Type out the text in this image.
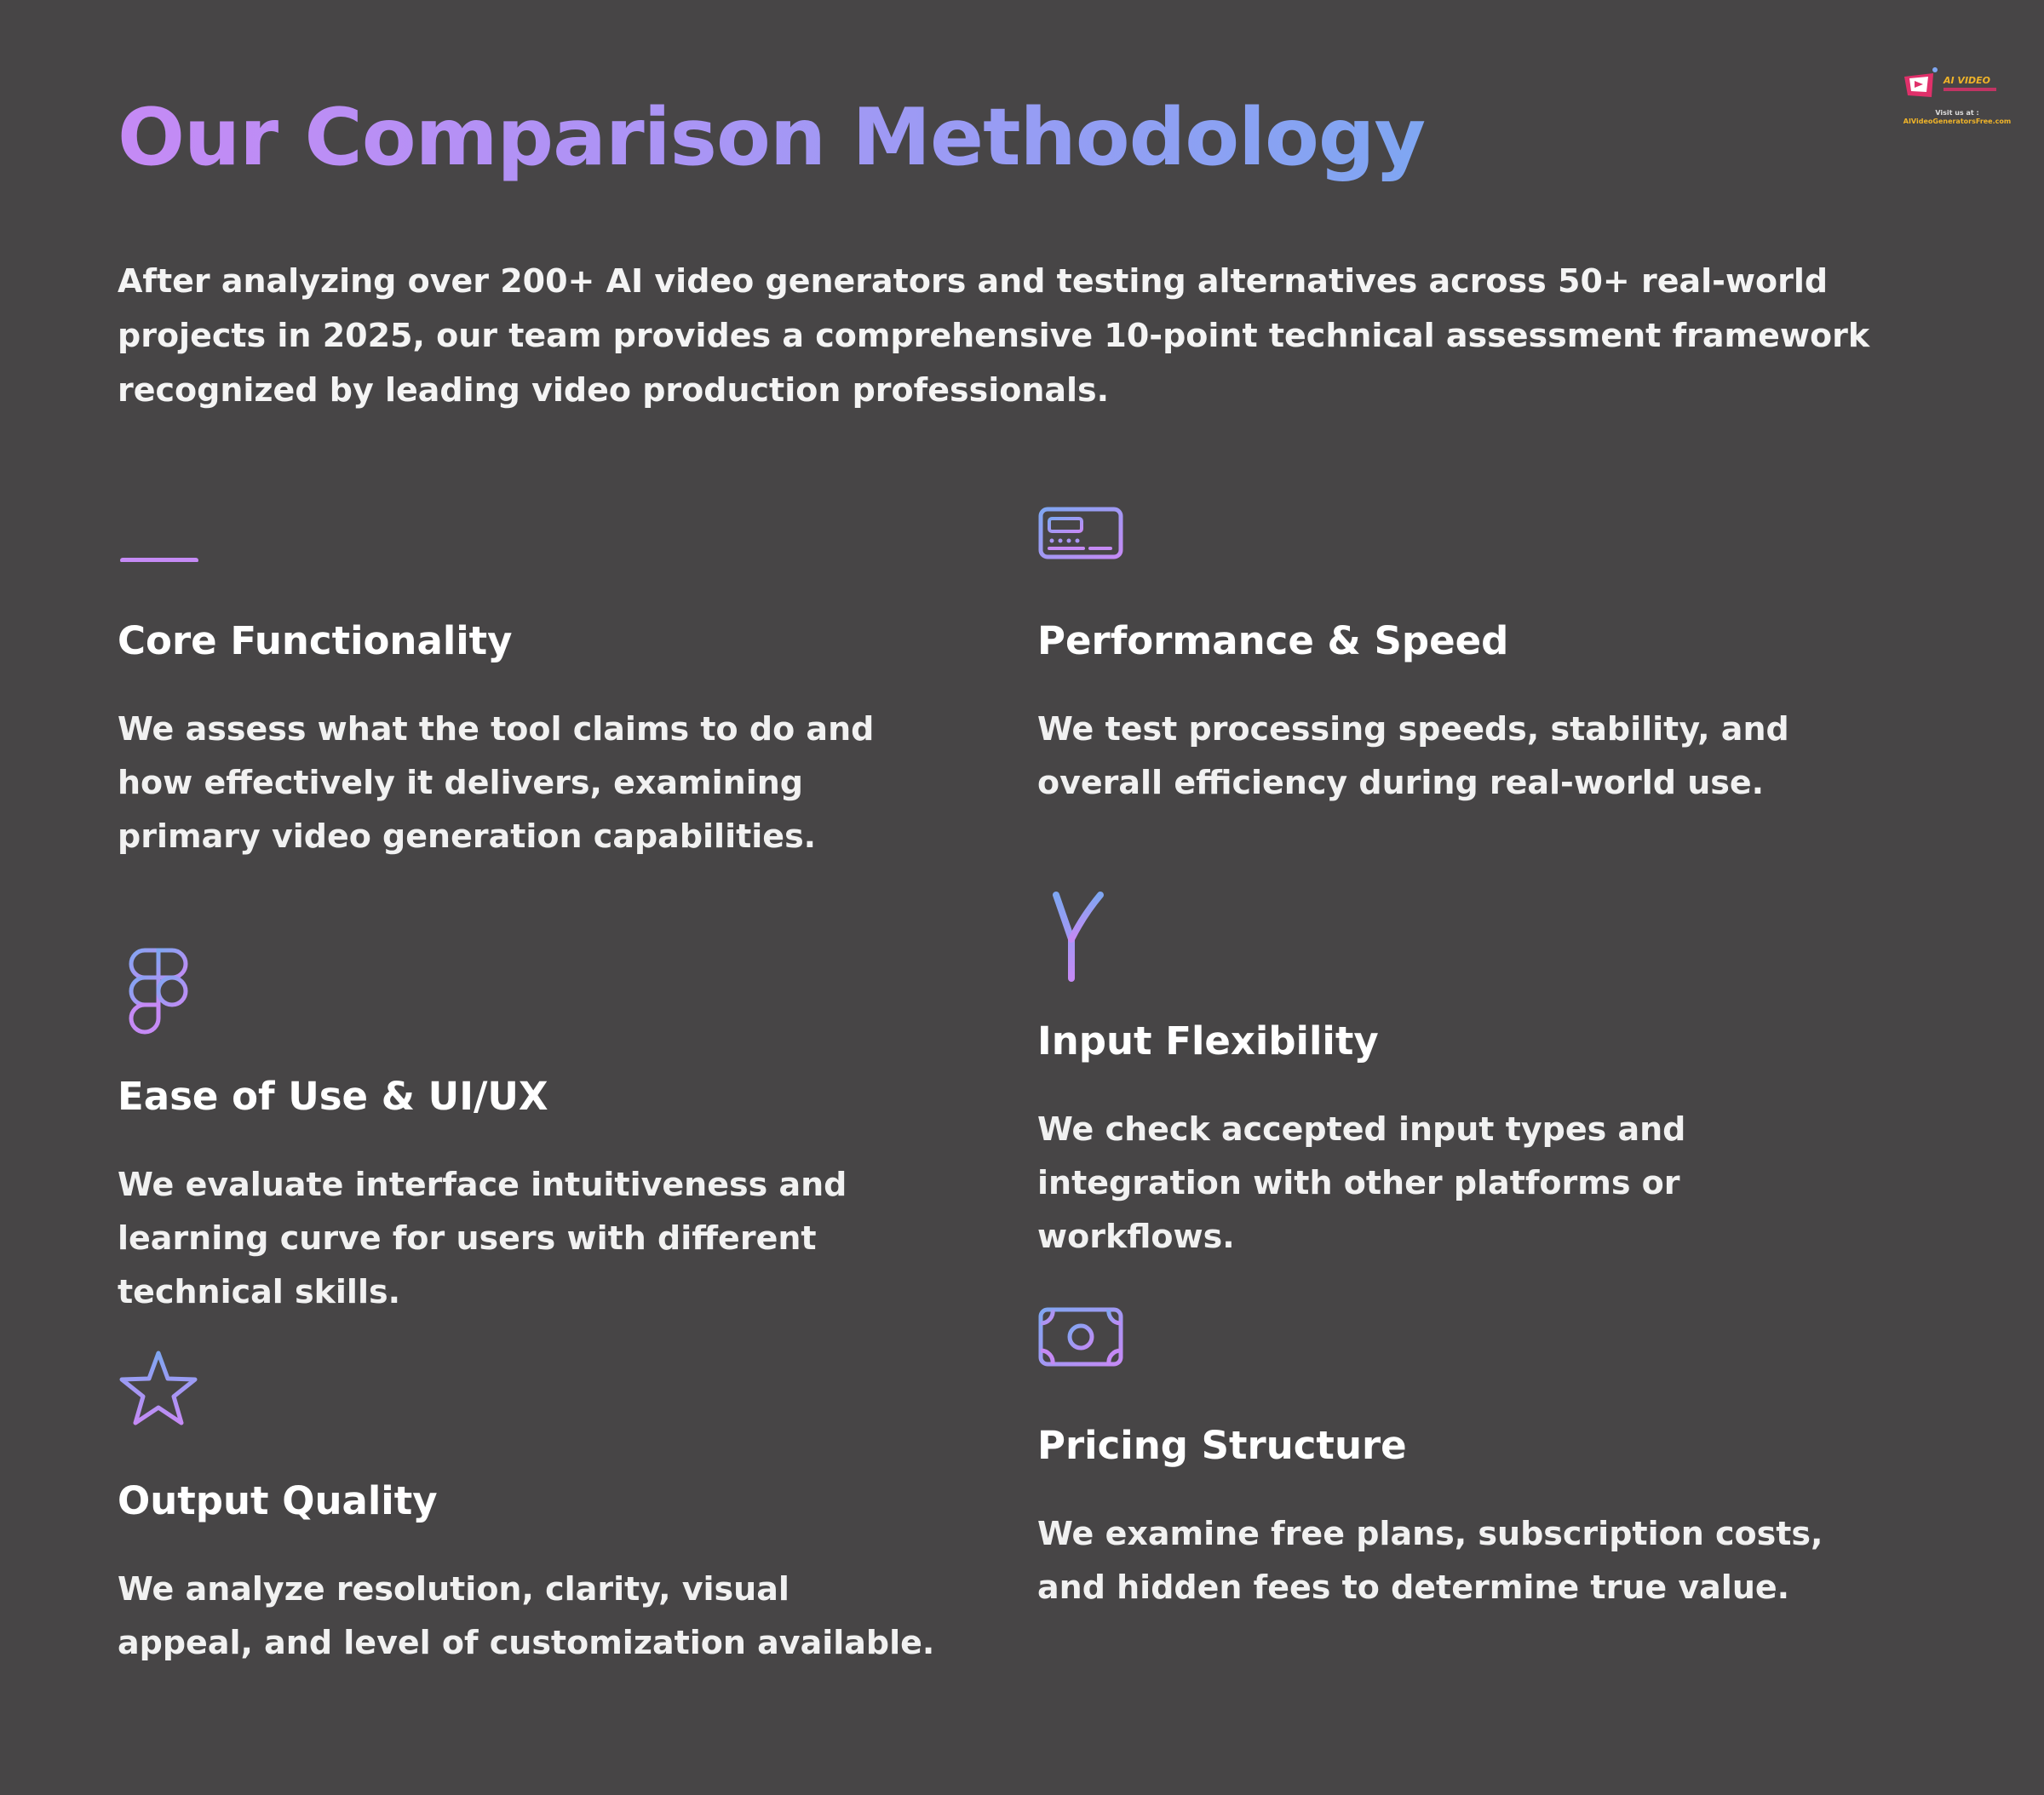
Our Comparison Methodology
AI VIDEO
Visit us at :
AIVideoGeneratorsFree.com

After analyzing over 200+ AI video generators and testing alternatives across 50+ real-world projects in 2025, our team provides a comprehensive 10-point technical assessment framework recognized by leading video production professionals.

Core Functionality

We assess what the tool claims to do and how effectively it delivers, examining primary video generation capabilities.

Ease of Use & UI/UX

We evaluate interface intuitiveness and learning curve for users with different technical skills.

Output Quality

We analyze resolution, clarity, visual appeal, and level of customization available.

Performance & Speed

We test processing speeds, stability, and overall efficiency during real-world use.

Input Flexibility

We check accepted input types and integration with other platforms or workflows.

Pricing Structure

We examine free plans, subscription costs, and hidden fees to determine true value.
